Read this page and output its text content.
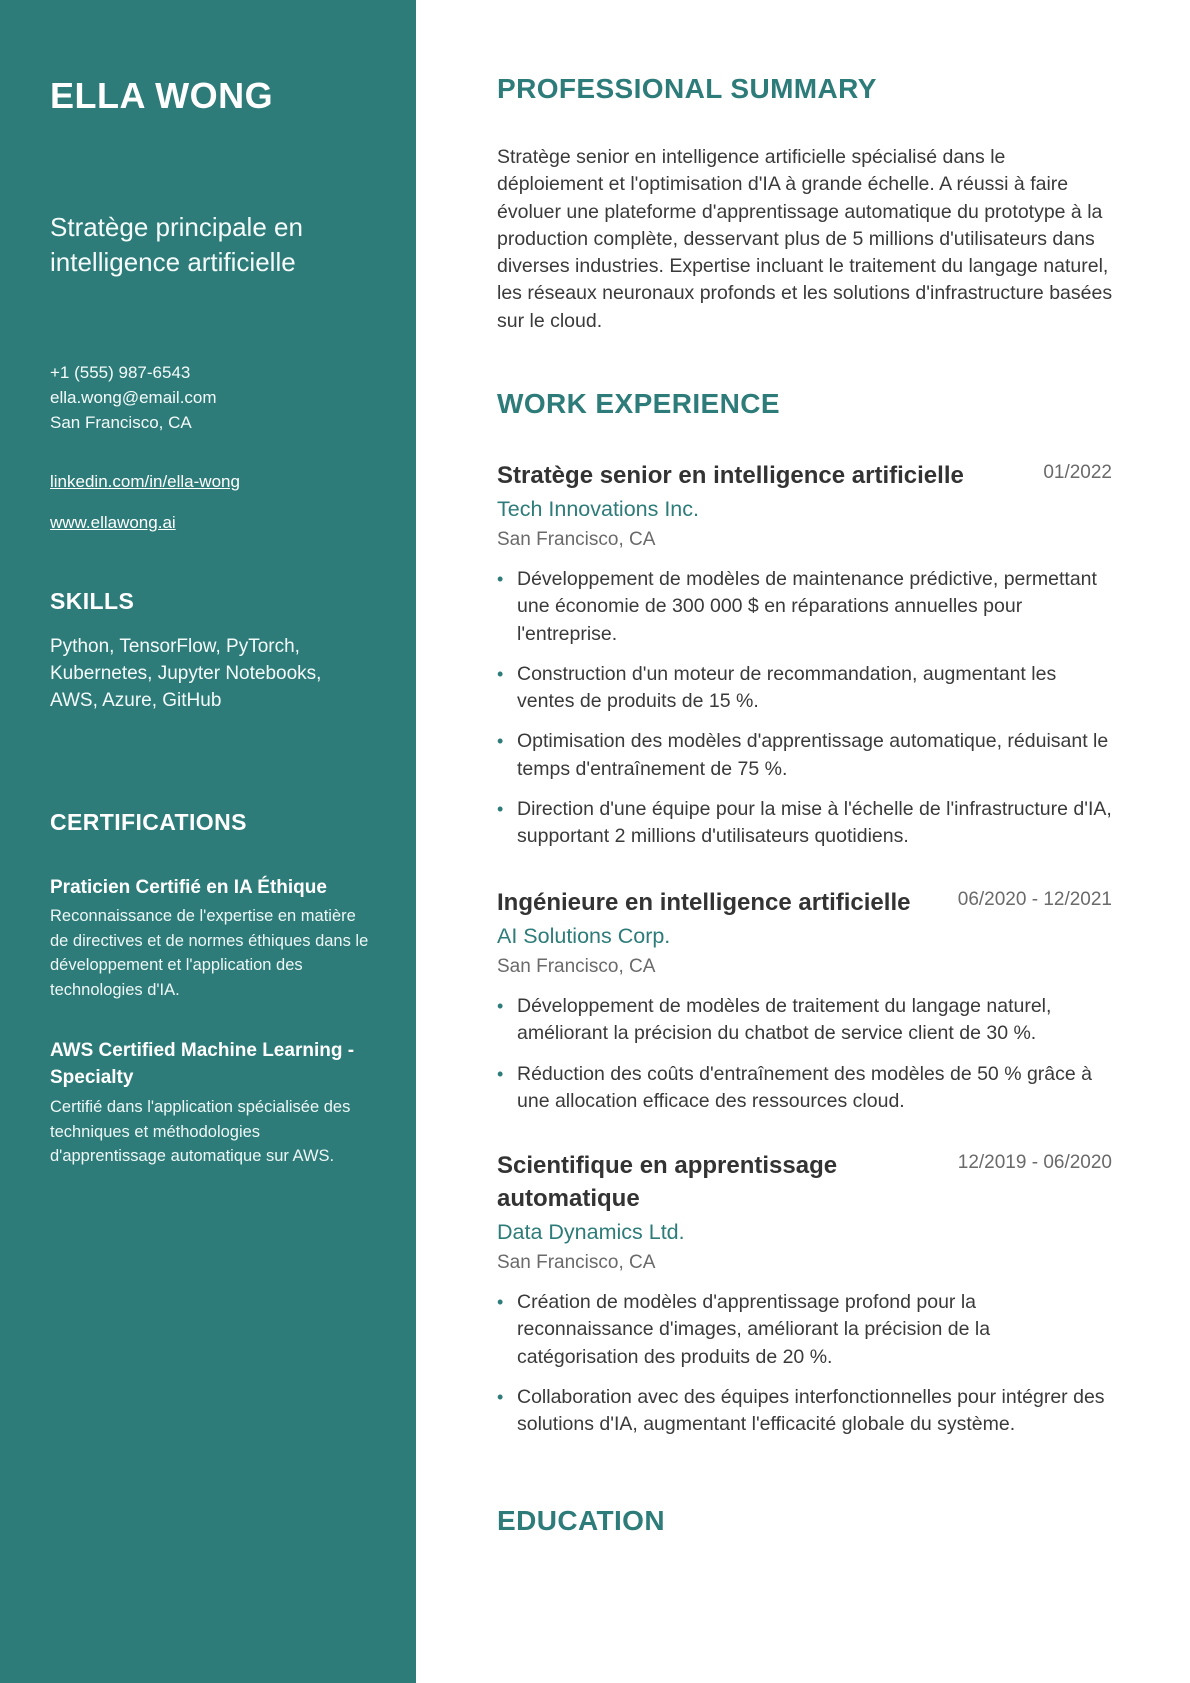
ELLA WONG
Stratège principale en intelligence artificielle
+1 (555) 987-6543
ella.wong@email.com
San Francisco, CA
linkedin.com/in/ella-wong
www.ellawong.ai
SKILLS
Python, TensorFlow, PyTorch, Kubernetes, Jupyter Notebooks, AWS, Azure, GitHub
CERTIFICATIONS
Praticien Certifié en IA Éthique
Reconnaissance de l'expertise en matière de directives et de normes éthiques dans le développement et l'application des technologies d'IA.
AWS Certified Machine Learning - Specialty
Certifié dans l'application spécialisée des techniques et méthodologies d'apprentissage automatique sur AWS.
PROFESSIONAL SUMMARY

Stratège senior en intelligence artificielle spécialisé dans le déploiement et l'optimisation d'IA à grande échelle. A réussi à faire évoluer une plateforme d'apprentissage automatique du prototype à la production complète, desservant plus de 5 millions d'utilisateurs dans diverses industries. Expertise incluant le traitement du langage naturel, les réseaux neuronaux profonds et les solutions d'infrastructure basées sur le cloud.

WORK EXPERIENCE
Stratège senior en intelligence artificielle	01/2022
Tech Innovations Inc.
San Francisco, CA
• Développement de modèles de maintenance prédictive, permettant une économie de 300 000 $ en réparations annuelles pour l'entreprise.
• Construction d'un moteur de recommandation, augmentant les ventes de produits de 15 %.
• Optimisation des modèles d'apprentissage automatique, réduisant le temps d'entraînement de 75 %.
• Direction d'une équipe pour la mise à l'échelle de l'infrastructure d'IA, supportant 2 millions d'utilisateurs quotidiens.
Ingénieure en intelligence artificielle	06/2020 - 12/2021
AI Solutions Corp.
San Francisco, CA
• Développement de modèles de traitement du langage naturel, améliorant la précision du chatbot de service client de 30 %.
• Réduction des coûts d'entraînement des modèles de 50 % grâce à une allocation efficace des ressources cloud.
Scientifique en apprentissage automatique
12/2019 - 06/2020
Data Dynamics Ltd.
San Francisco, CA
• Création de modèles d'apprentissage profond pour la reconnaissance d'images, améliorant la précision de la catégorisation des produits de 20 %.
• Collaboration avec des équipes interfonctionnelles pour intégrer des solutions d'IA, augmentant l'efficacité globale du système.
EDUCATION
